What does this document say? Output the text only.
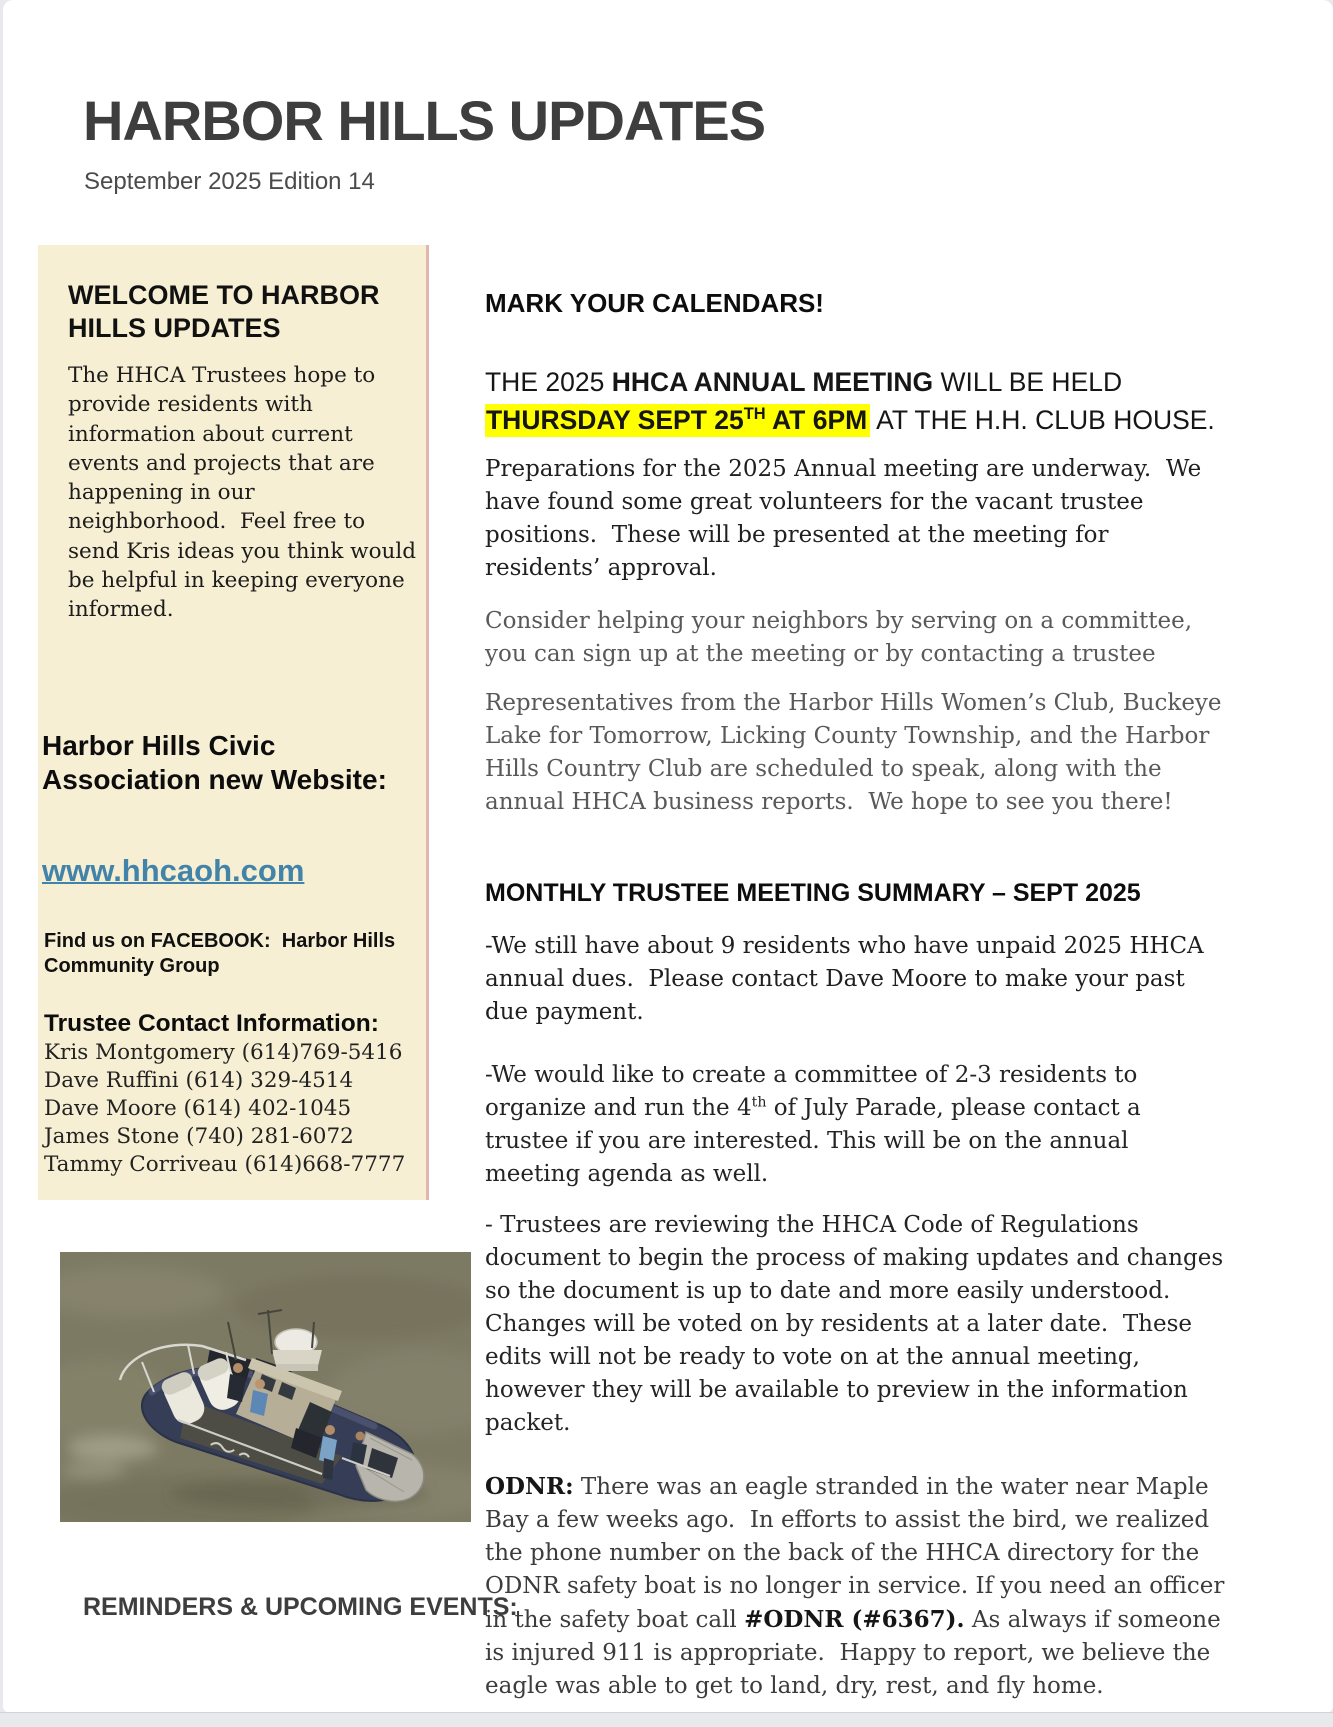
HARBOR HILLS UPDATES
September 2025 Edition 14
WELCOME TO HARBOR HILLS UPDATES
The HHCA Trustees hope to provide residents with information about current events and projects that are happening in our neighborhood.  Feel free to send Kris ideas you think would be helpful in keeping everyone informed.
Harbor Hills Civic Association new Website:
www.hhcaoh.com
Find us on FACEBOOK:  Harbor Hills Community Group
Trustee Contact Information:
Kris Montgomery (614)769-5416
Dave Ruffini (614) 329-4514
Dave Moore (614) 402-1045
James Stone (740) 281-6072
Tammy Corriveau (614)668-7777
MARK YOUR CALENDARS!
THE 2025 HHCA ANNUAL MEETING WILL BE HELD
THURSDAY SEPT 25TH AT 6PM AT THE H.H. CLUB HOUSE.

Preparations for the 2025 Annual meeting are underway.  We have found some great volunteers for the vacant trustee positions.  These will be presented at the meeting for residents’ approval.

Consider helping your neighbors by serving on a committee, you can sign up at the meeting or by contacting a trustee

Representatives from the Harbor Hills Women’s Club, Buckeye Lake for Tomorrow, Licking County Township, and the Harbor Hills Country Club are scheduled to speak, along with the annual HHCA business reports.  We hope to see you there!

MONTHLY TRUSTEE MEETING SUMMARY – SEPT 2025

-We still have about 9 residents who have unpaid 2025 HHCA annual dues.  Please contact Dave Moore to make your past due payment.

-We would like to create a committee of 2-3 residents to organize and run the 4th of July Parade, please contact a trustee if you are interested. This will be on the annual meeting agenda as well.

- Trustees are reviewing the HHCA Code of Regulations document to begin the process of making updates and changes so the document is up to date and more easily understood. Changes will be voted on by residents at a later date.  These edits will not be ready to vote on at the annual meeting, however they will be available to preview in the information packet.

ODNR: There was an eagle stranded in the water near Maple Bay a few weeks ago.  In efforts to assist the bird, we realized the phone number on the back of the HHCA directory for the ODNR safety boat is no longer in service. If you need an officer in the safety boat call #ODNR (#6367). As always if someone is injured 911 is appropriate.  Happy to report, we believe the eagle was able to get to land, dry, rest, and fly home.

REMINDERS & UPCOMING EVENTS:
